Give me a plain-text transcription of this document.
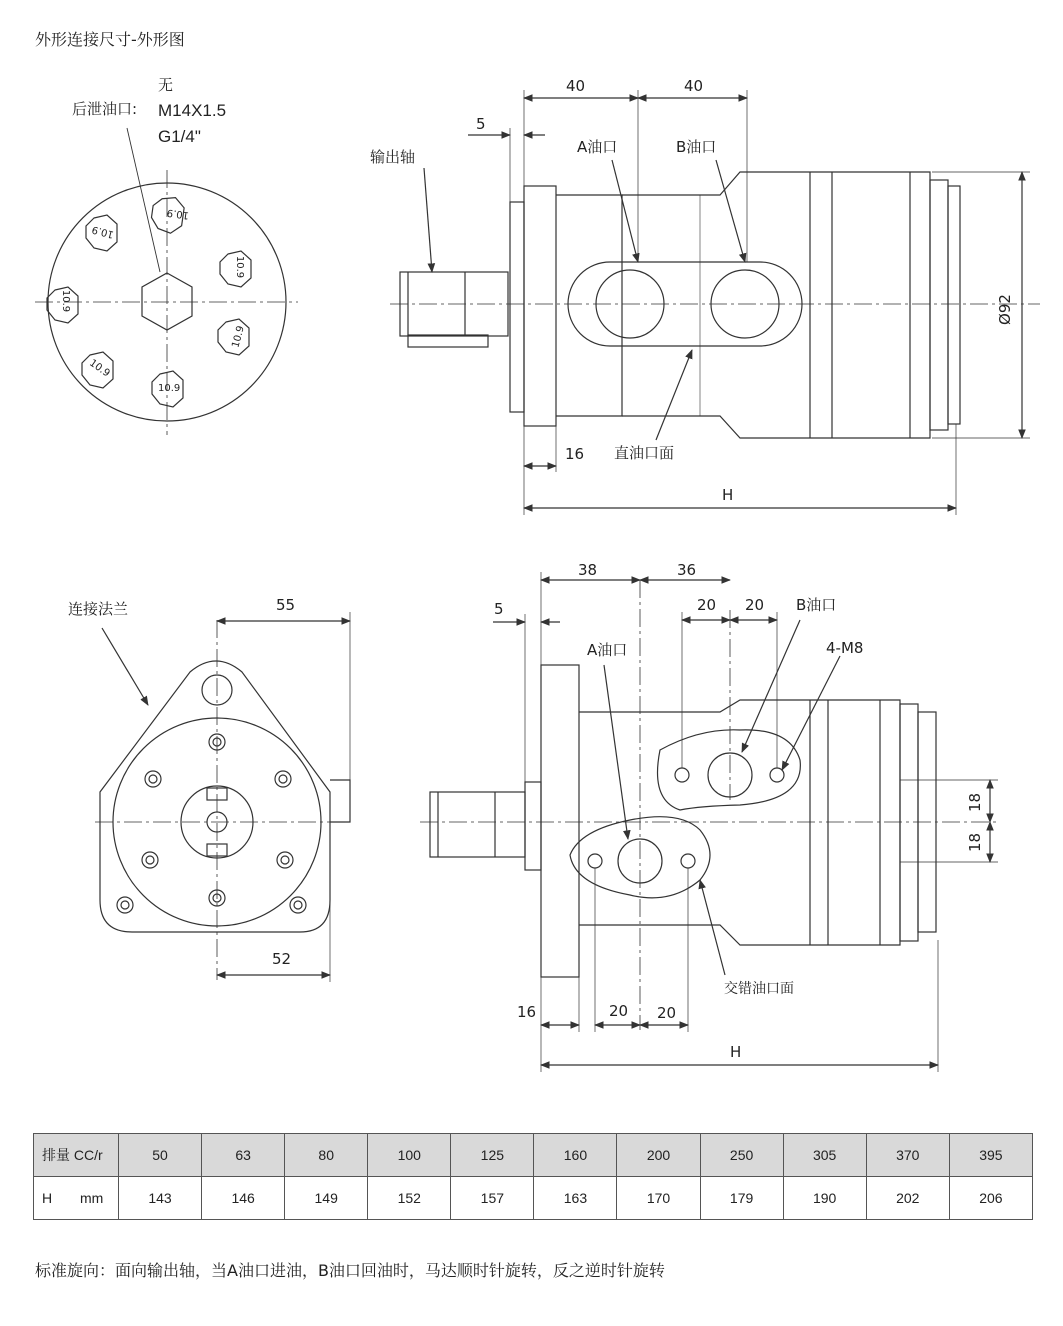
外形连接尺寸-外形图
10.9
10.9
10.9
10.9
10.9
10.9
10.9
无
后泄油口: M14X1.5
G1/4"
输出轴
A油口	B油口
直油口面
40	40
5
16
H
Ø92
连接法兰	55
52
38	36
20 20 B油口
5
A油口	4-M8
18
18
交错油口面
16	20 20
H
排量 CC/r	50	63	80	100	125	160	200	250	305	370	395
H mm	143	146	149	152	157	163	170	179	190	202	206
标准旋向：面向输出轴，当A油口进油，B油口回油时，马达顺时针旋转，反之逆时针旋转
